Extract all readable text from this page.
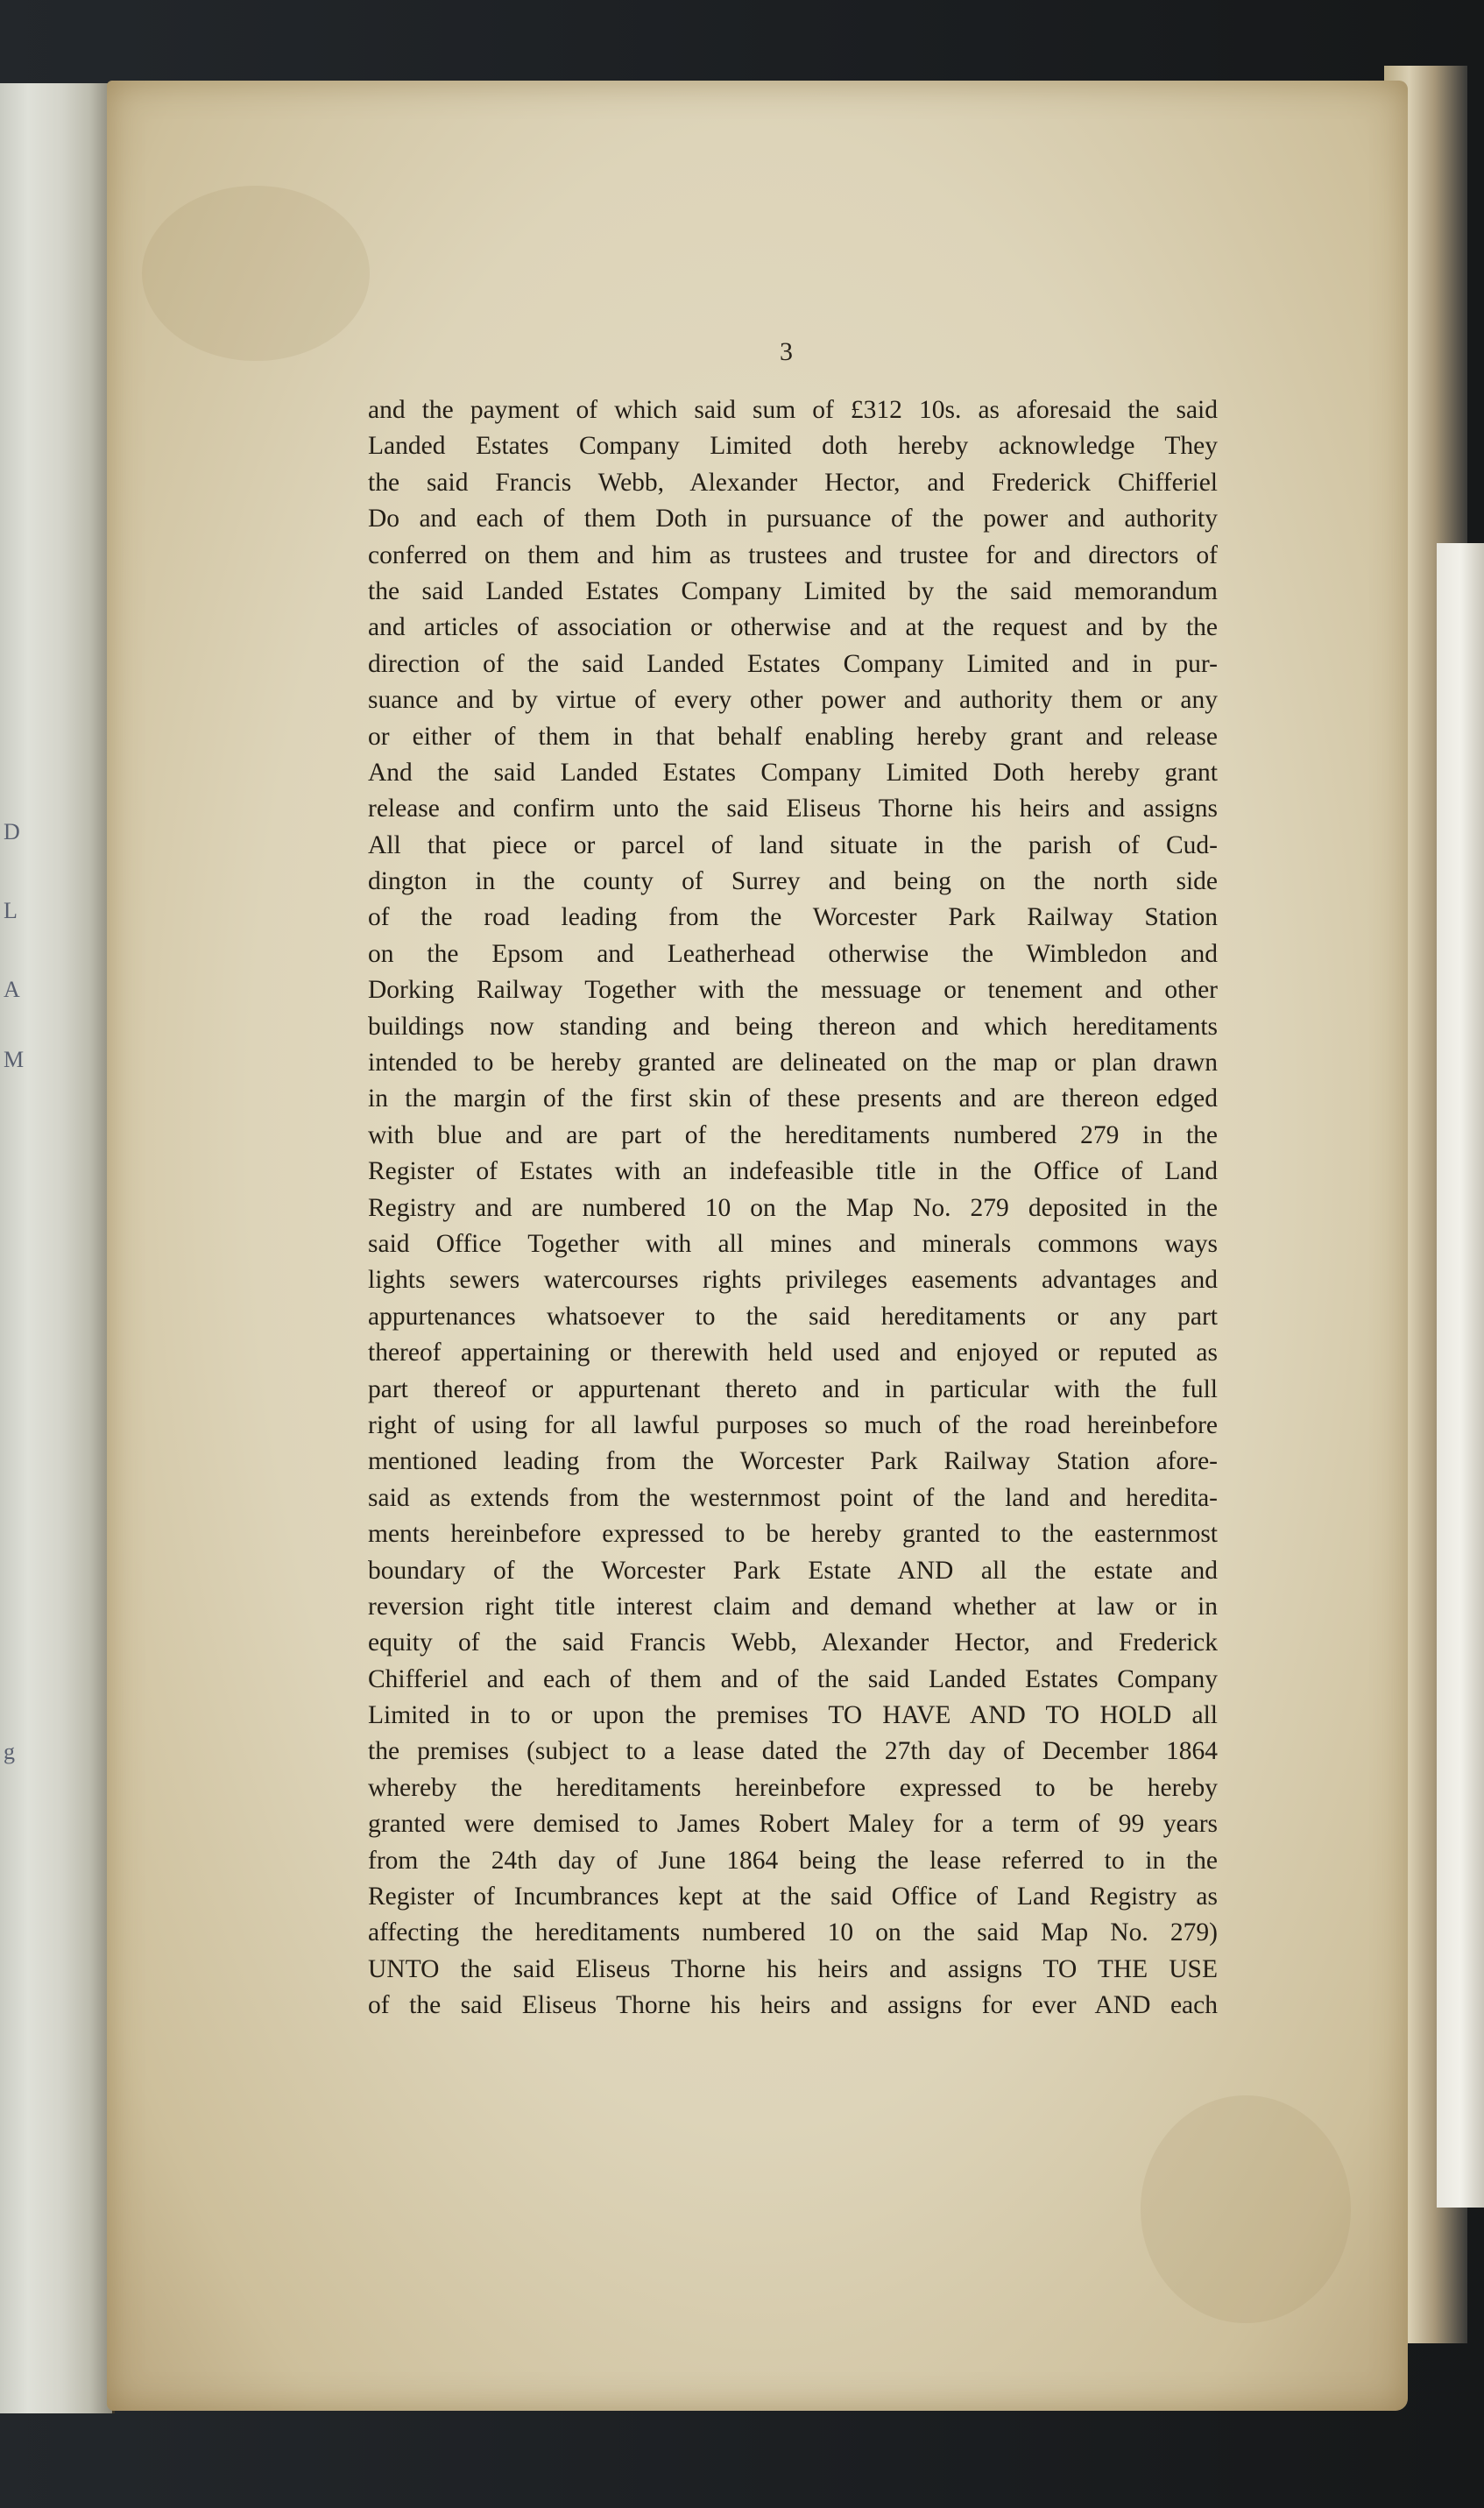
D
L
A
M
g

3

and the payment of which said sum of £312 10s. as aforesaid the said
Landed Estates Company Limited doth hereby acknowledge They
the said Francis Webb, Alexander Hector, and Frederick Chifferiel
Do and each of them Doth in pursuance of the power and authority
conferred on them and him as trustees and trustee for and directors of
the said Landed Estates Company Limited by the said memorandum
and articles of association or otherwise and at the request and by the
direction of the said Landed Estates Company Limited and in pur-
suance and by virtue of every other power and authority them or any
or either of them in that behalf enabling hereby grant and release
And the said Landed Estates Company Limited Doth hereby grant
release and confirm unto the said Eliseus Thorne his heirs and assigns
All that piece or parcel of land situate in the parish of Cud-
dington in the county of Surrey and being on the north side
of the road leading from the Worcester Park Railway Station
on the Epsom and Leatherhead otherwise the Wimbledon and
Dorking Railway Together with the messuage or tenement and other
buildings now standing and being thereon and which hereditaments
intended to be hereby granted are delineated on the map or plan drawn
in the margin of the first skin of these presents and are thereon edged
with blue and are part of the hereditaments numbered 279 in the
Register of Estates with an indefeasible title in the Office of Land
Registry and are numbered 10 on the Map No. 279 deposited in the
said Office Together with all mines and minerals commons ways
lights sewers watercourses rights privileges easements advantages and
appurtenances whatsoever to the said hereditaments or any part
thereof appertaining or therewith held used and enjoyed or reputed as
part thereof or appurtenant thereto and in particular with the full
right of using for all lawful purposes so much of the road hereinbefore
mentioned leading from the Worcester Park Railway Station afore-
said as extends from the westernmost point of the land and heredita-
ments hereinbefore expressed to be hereby granted to the easternmost
boundary of the Worcester Park Estate AND all the estate and
reversion right title interest claim and demand whether at law or in
equity of the said Francis Webb, Alexander Hector, and Frederick
Chifferiel and each of them and of the said Landed Estates Company
Limited in to or upon the premises TO HAVE AND TO HOLD all
the premises (subject to a lease dated the 27th day of December 1864
whereby the hereditaments hereinbefore expressed to be hereby
granted were demised to James Robert Maley for a term of 99 years
from the 24th day of June 1864 being the lease referred to in the
Register of Incumbrances kept at the said Office of Land Registry as
affecting the hereditaments numbered 10 on the said Map No. 279)
UNTO the said Eliseus Thorne his heirs and assigns TO THE USE
of the said Eliseus Thorne his heirs and assigns for ever AND each
